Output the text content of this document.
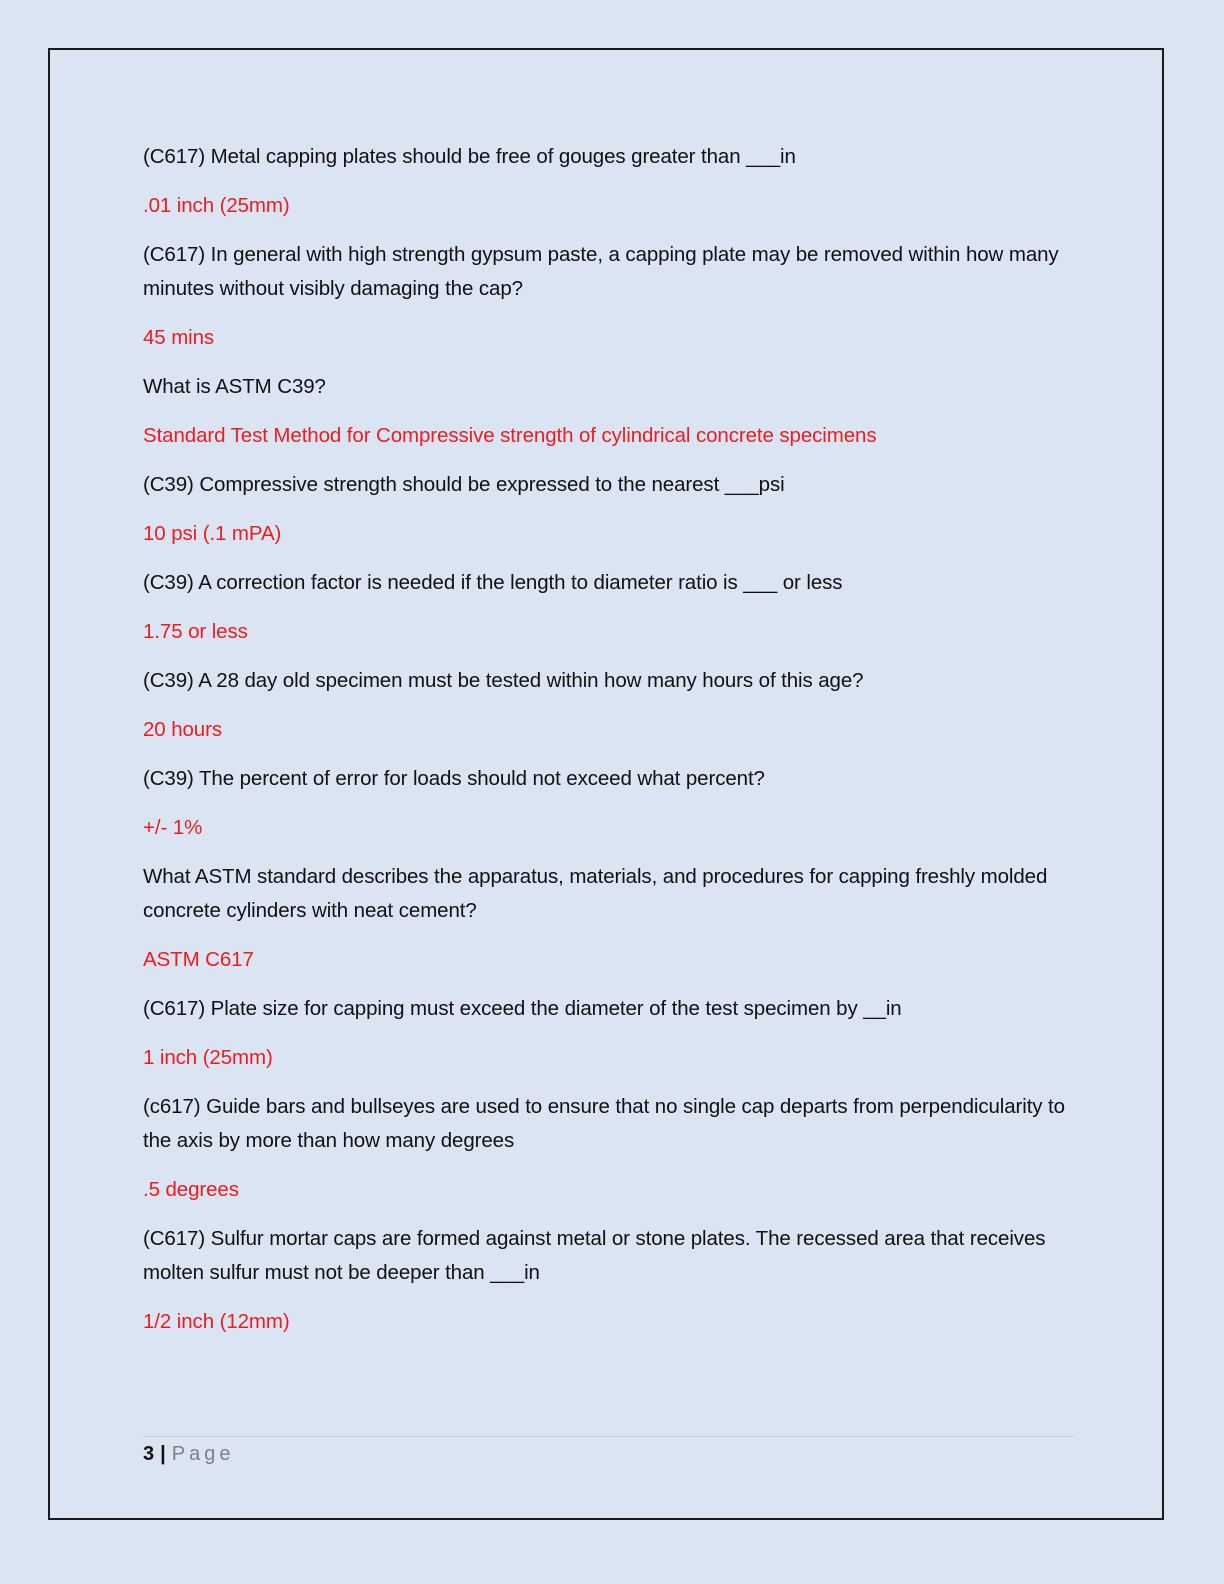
(C617) Metal capping plates should be free of gouges greater than ___in

.01 inch (25mm)

(C617) In general with high strength gypsum paste, a capping plate may be removed within how many minutes without visibly damaging the cap?

45 mins

What is ASTM C39?

Standard Test Method for Compressive strength of cylindrical concrete specimens

(C39) Compressive strength should be expressed to the nearest ___psi

10 psi (.1 mPA)

(C39) A correction factor is needed if the length to diameter ratio is ___ or less

1.75 or less

(C39) A 28 day old specimen must be tested within how many hours of this age?

20 hours

(C39) The percent of error for loads should not exceed what percent?

+/- 1%

What ASTM standard describes the apparatus, materials, and procedures for capping freshly molded concrete cylinders with neat cement?

ASTM C617

(C617) Plate size for capping must exceed the diameter of the test specimen by __in

1 inch (25mm)

(c617) Guide bars and bullseyes are used to ensure that no single cap departs from perpendicularity to the axis by more than how many degrees

.5 degrees

(C617) Sulfur mortar caps are formed against metal or stone plates. The recessed area that receives molten sulfur must not be deeper than ___in

1/2 inch (12mm)

3 | Page
